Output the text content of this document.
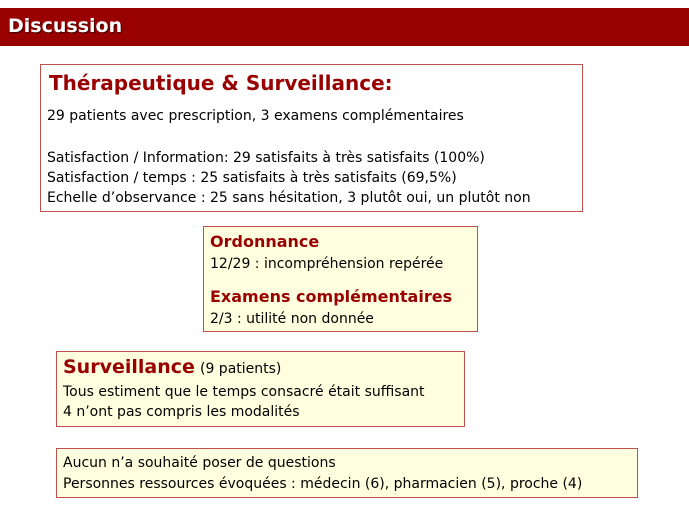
Discussion
Thérapeutique & Surveillance:
29 patients avec prescription, 3 examens complémentaires
Satisfaction / Information: 29 satisfaits à très satisfaits (100%)
Satisfaction / temps : 25 satisfaits à très satisfaits (69,5%)
Echelle d’observance : 25 sans hésitation, 3 plutôt oui, un plutôt non
Ordonnance
12/29 : incompréhension repérée
Examens complémentaires
2/3 : utilité non donnée
Surveillance (9 patients)
Tous estiment que le temps consacré était suffisant
4 n’ont pas compris les modalités
Aucun n’a souhaité poser de questions
Personnes ressources évoquées : médecin (6), pharmacien (5), proche (4)
